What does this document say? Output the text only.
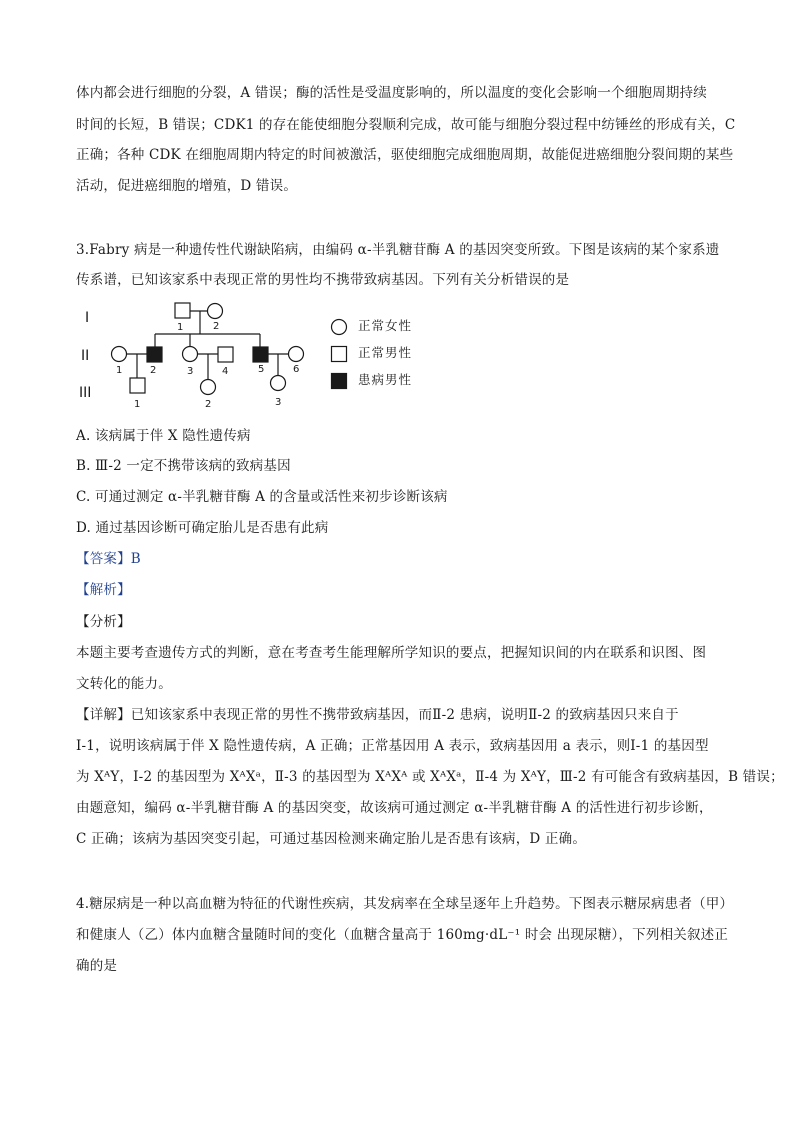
体内都会进行细胞的分裂，A 错误；酶的活性是受温度影响的，所以温度的变化会影响一个细胞周期持续
时间的长短，B 错误；CDK1 的存在能使细胞分裂顺利完成，故可能与细胞分裂过程中纺锤丝的形成有关，C
正确；各种 CDK 在细胞周期内特定的时间被激活，驱使细胞完成细胞周期，故能促进癌细胞分裂间期的某些
活动，促进癌细胞的增殖，D 错误。
3.Fabry 病是一种遗传性代谢缺陷病，由编码 α-半乳糖苷酶 A 的基因突变所致。下图是该病的某个家系遗
传系谱，已知该家系中表现正常的男性均不携带致病基因。下列有关分析错误的是
I
II
III
1	2
1	2	3	4	5	6
1	2	3
正常女性
正常男性
患病男性
A. 该病属于伴 X 隐性遗传病
B. Ⅲ-2 一定不携带该病的致病基因
C. 可通过测定 α-半乳糖苷酶 A 的含量或活性来初步诊断该病
D. 通过基因诊断可确定胎儿是否患有此病
【答案】B
【解析】
【分析】
本题主要考查遗传方式的判断，意在考查考生能理解所学知识的要点，把握知识间的内在联系和识图、图
文转化的能力。
【详解】已知该家系中表现正常的男性不携带致病基因，而Ⅱ-2 患病，说明Ⅱ-2 的致病基因只来自于
Ⅰ-1，说明该病属于伴 X 隐性遗传病，A 正确；正常基因用 A 表示，致病基因用 a 表示，则Ⅰ-1 的基因型
为 XᴬY，Ⅰ-2 的基因型为 XᴬXᵃ，Ⅱ-3 的基因型为 XᴬXᴬ 或 XᴬXᵃ，Ⅱ-4 为 XᴬY，Ⅲ-2 有可能含有致病基因，B 错误；
由题意知，编码 α-半乳糖苷酶 A 的基因突变，故该病可通过测定 α-半乳糖苷酶 A 的活性进行初步诊断，
C 正确；该病为基因突变引起，可通过基因检测来确定胎儿是否患有该病，D 正确。
4.糖尿病是一种以高血糖为特征的代谢性疾病，其发病率在全球呈逐年上升趋势。下图表示糖尿病患者（甲）
和健康人（乙）体内血糖含量随时间的变化（血糖含量高于 160mg·dL⁻¹ 时会 出现尿糖），下列相关叙述正
确的是
